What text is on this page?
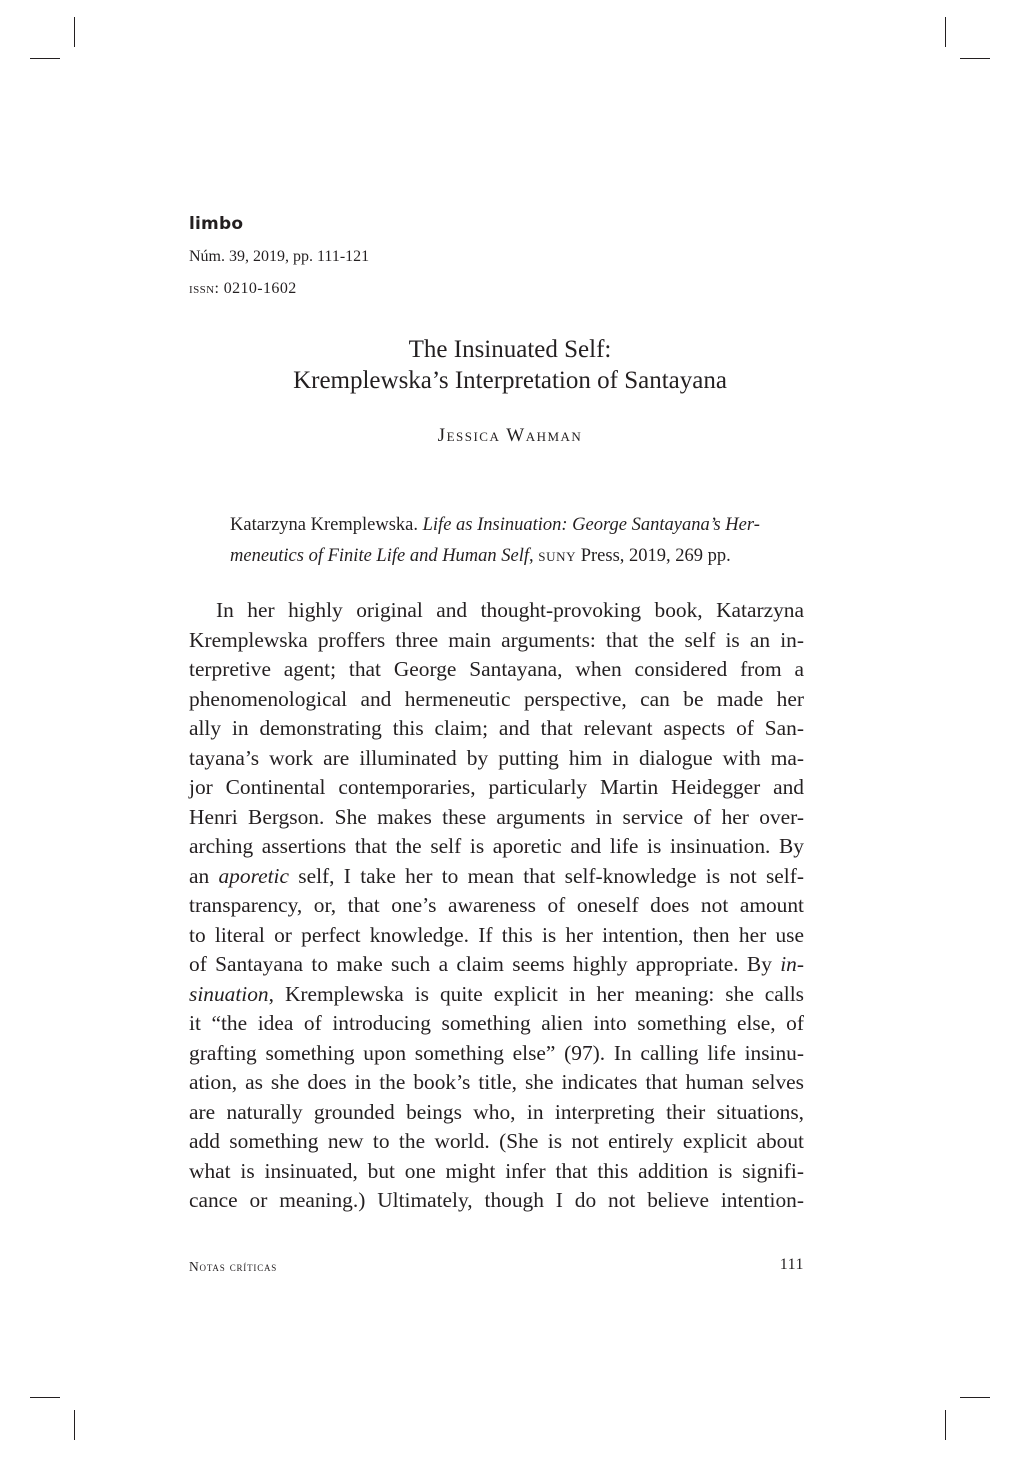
limbo
Núm. 39, 2019, pp. 111-121
issn: 0210-1602
The Insinuated Self:
Kremplewska’s Interpretation of Santayana
Jessica Wahman
Katarzyna Kremplewska. Life as Insinuation: George Santayana’s Her-
meneutics of Finite Life and Human Self, suny Press, 2019, 269 pp.
In her highly original and thought-provoking book, Katarzyna
Kremplewska proffers three main arguments: that the self is an in-
terpretive agent; that George Santayana, when considered from a
phenomenological and hermeneutic perspective, can be made her
ally in demonstrating this claim; and that relevant aspects of San-
tayana’s work are illuminated by putting him in dialogue with ma-
jor Continental contemporaries, particularly Martin Heidegger and
Henri Bergson. She makes these arguments in service of her over-
arching assertions that the self is aporetic and life is insinuation. By
an aporetic self, I take her to mean that self-knowledge is not self-
transparency, or, that one’s awareness of oneself does not amount
to literal or perfect knowledge. If this is her intention, then her use
of Santayana to make such a claim seems highly appropriate. By in-
sinuation, Kremplewska is quite explicit in her meaning: she calls
it “the idea of introducing something alien into something else, of
grafting something upon something else” (97). In calling life insinu-
ation, as she does in the book’s title, she indicates that human selves
are naturally grounded beings who, in interpreting their situations,
add something new to the world. (She is not entirely explicit about
what is insinuated, but one might infer that this addition is signifi-
cance or meaning.) Ultimately, though I do not believe intention-
Notas críticas	111
